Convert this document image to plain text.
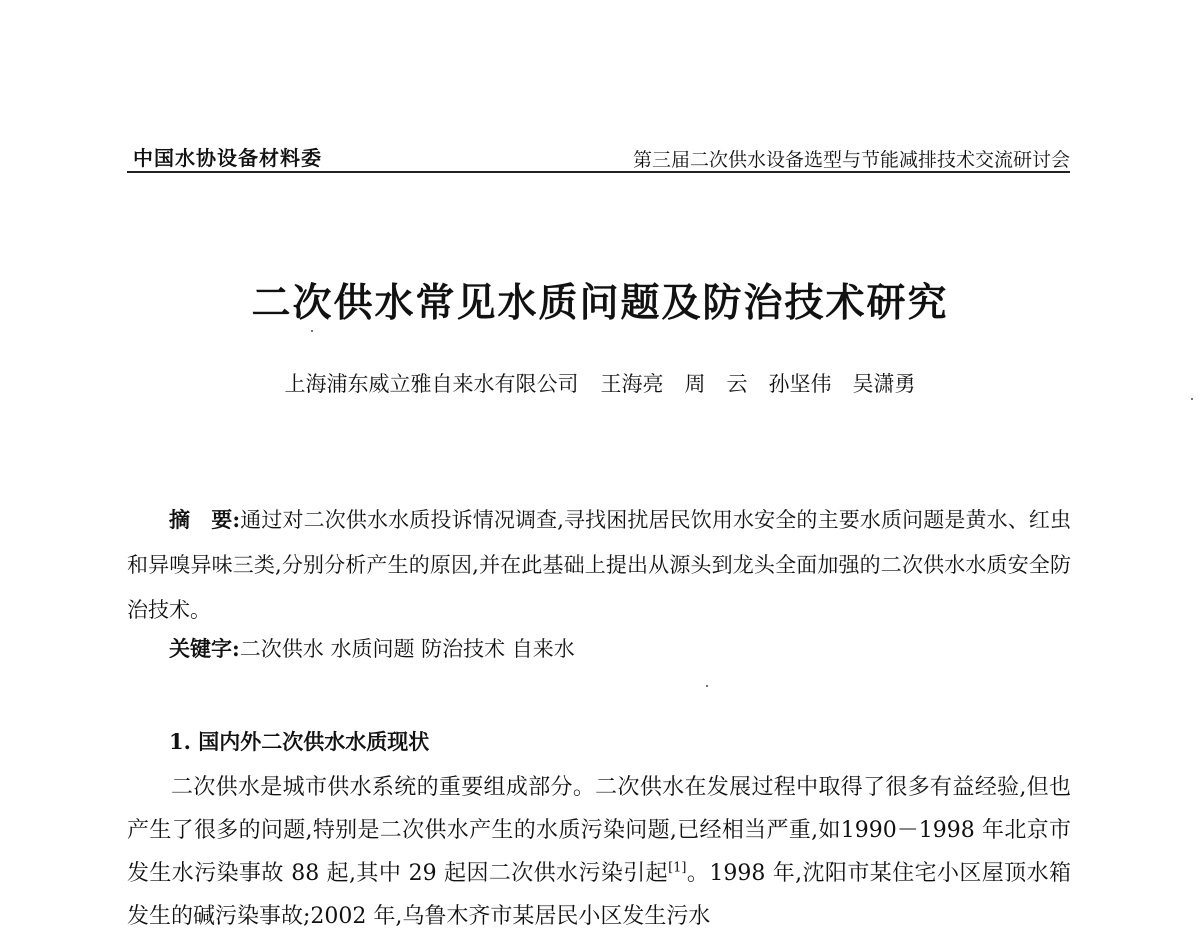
中国水协设备材料委	第三届二次供水设备选型与节能减排技术交流研讨会
二次供水常见水质问题及防治技术研究
上海浦东威立雅自来水有限公司 王海亮　周　云　孙坚伟　吴潇勇

摘　要:通过对二次供水水质投诉情况调查,寻找困扰居民饮用水安全的主要水质问题是黄水、红虫和异嗅异味三类,分别分析产生的原因,并在此基础上提出从源头到龙头全面加强的二次供水水质安全防治技术。

关键字:二次供水 水质问题 防治技术 自来水
1. 国内外二次供水水质现状

二次供水是城市供水系统的重要组成部分。二次供水在发展过程中取得了很多有益经验,但也产生了很多的问题,特别是二次供水产生的水质污染问题,已经相当严重,如1990－1998 年北京市发生水污染事故 88 起,其中 29 起因二次供水污染引起[1]。1998 年,沈阳市某住宅小区屋顶水箱发生的碱污染事故;2002 年,乌鲁木齐市某居民小区发生污水
